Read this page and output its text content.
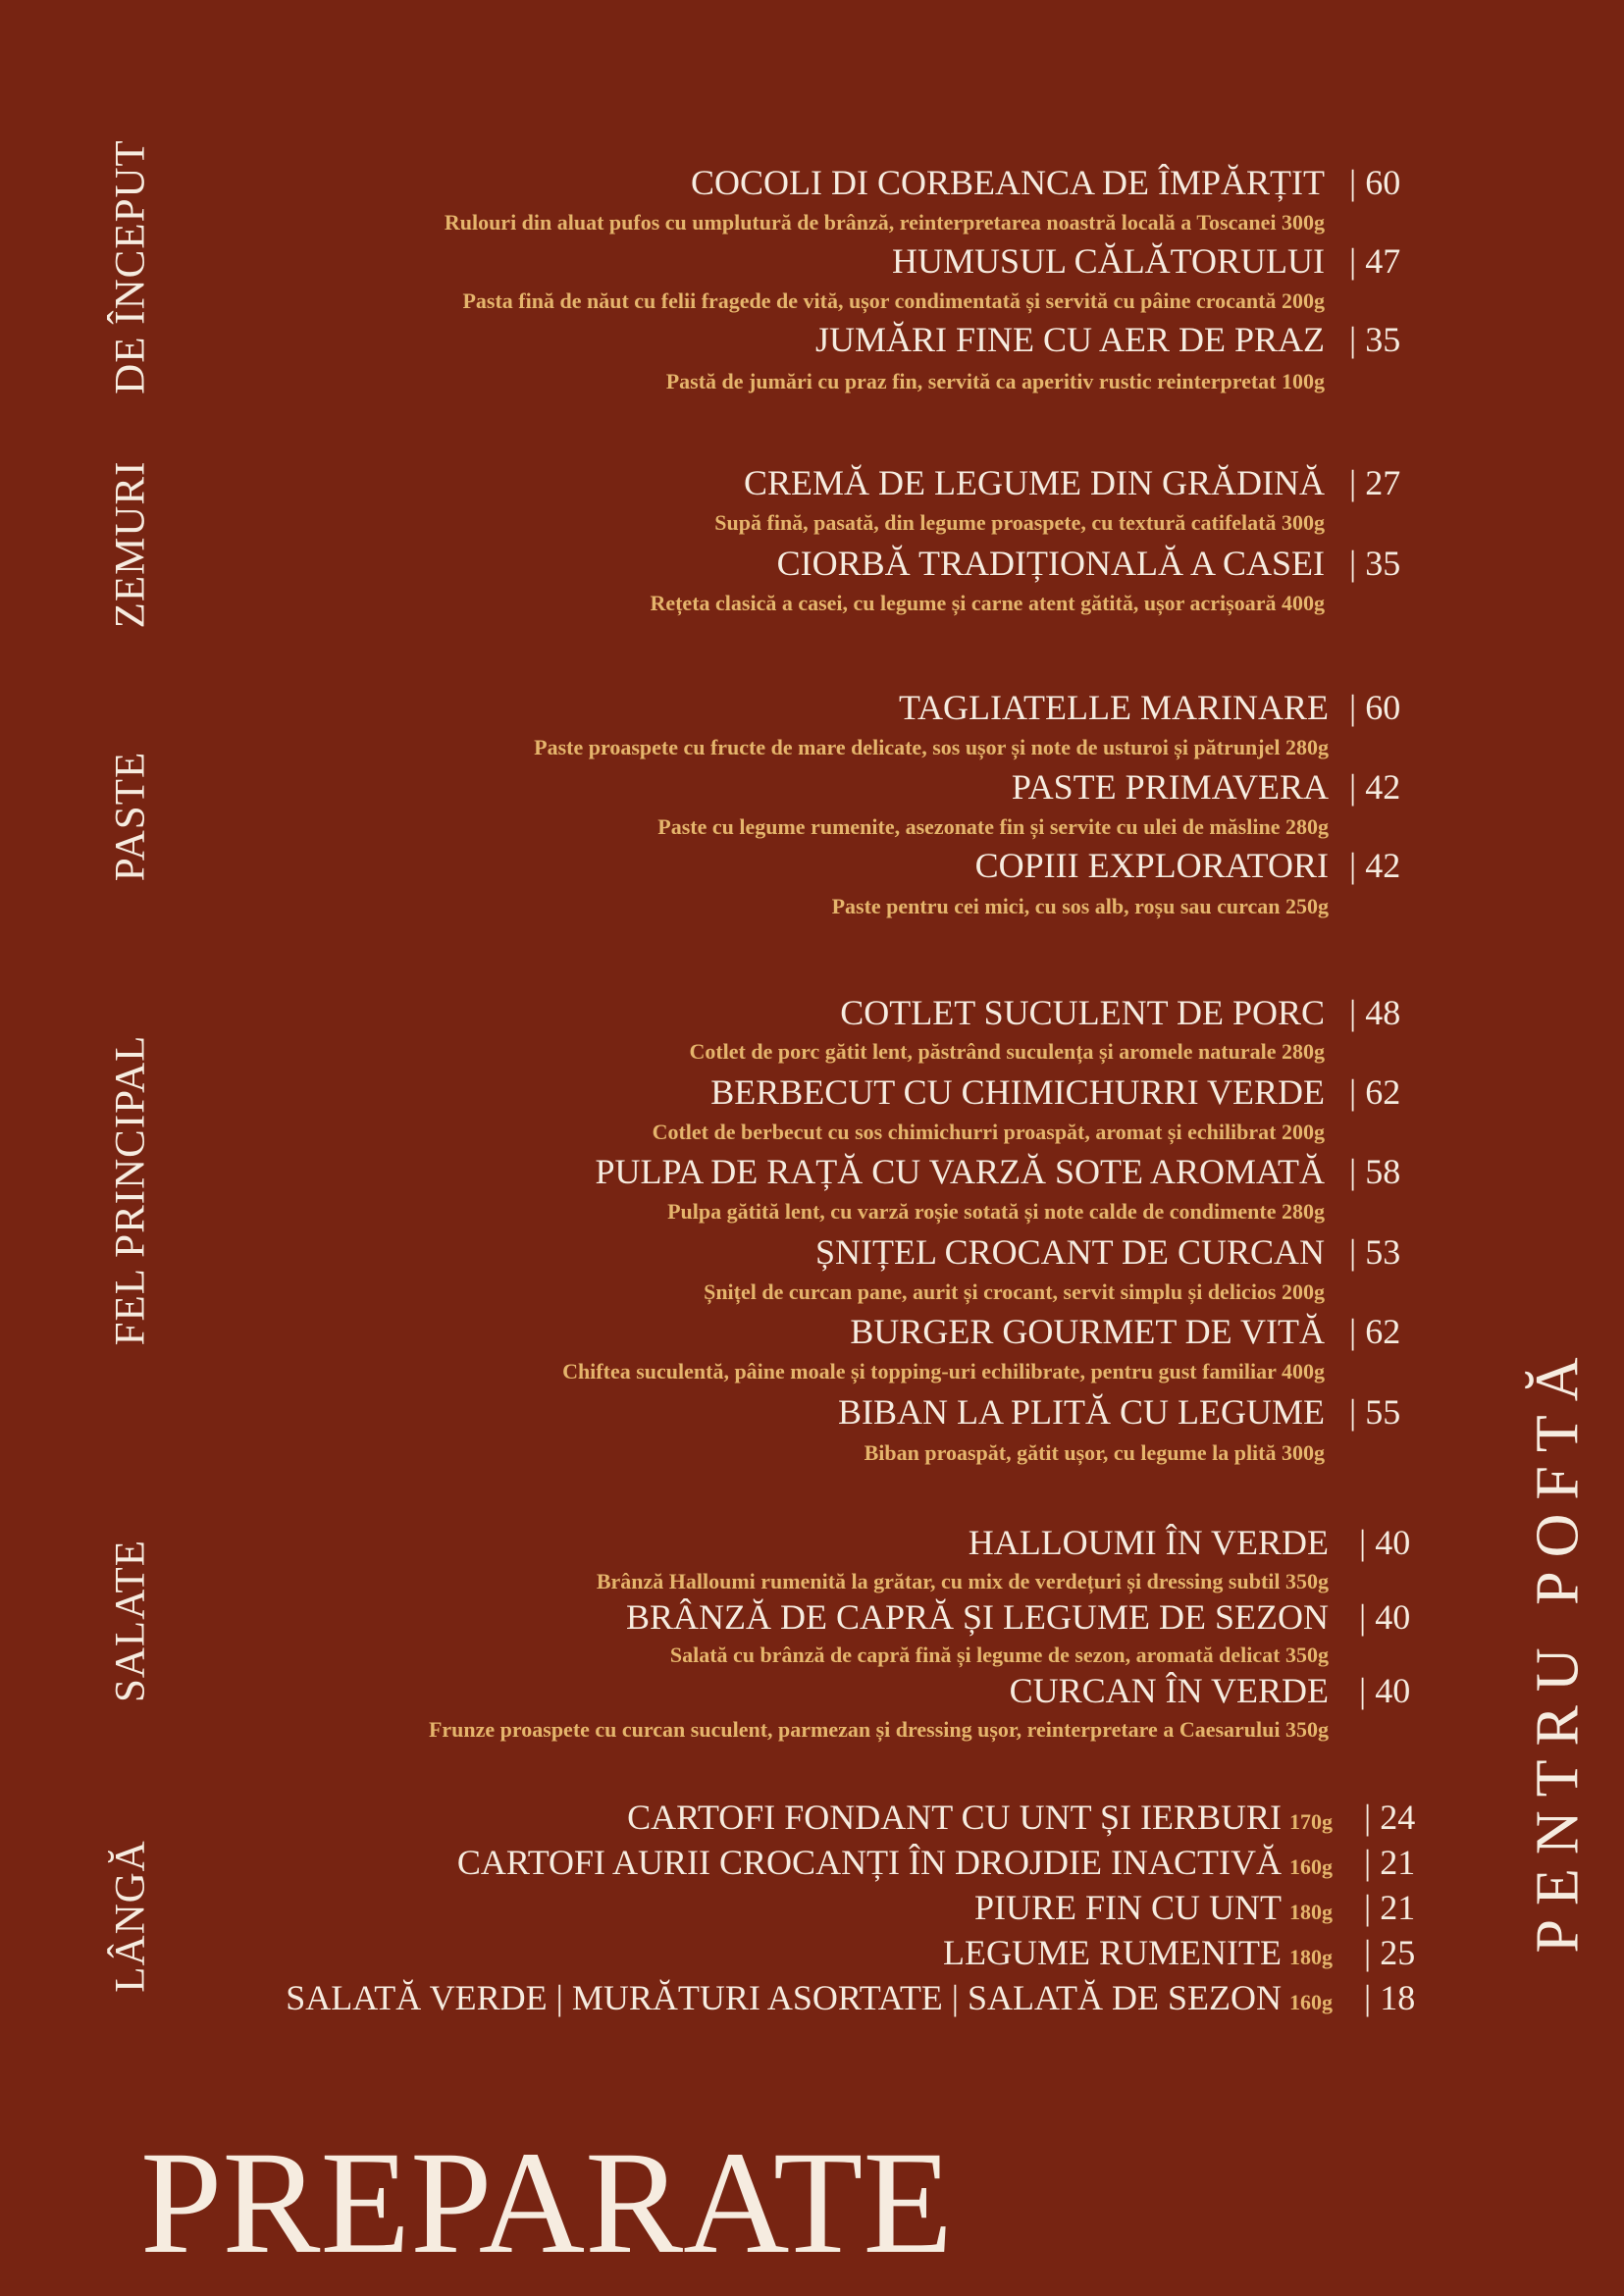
DE ÎNCEPUT
ZEMURI
PASTE
FEL PRINCIPAL
SALATE
LÂNGĂ
COCOLI DI CORBEANCA DE ÎMPĂRȚIT	| 60
Rulouri din aluat pufos cu umplutură de brânză, reinterpretarea noastră locală a Toscanei 300g
HUMUSUL CĂLĂTORULUI	| 47
Pasta fină de năut cu felii fragede de vită, ușor condimentată și servită cu pâine crocantă 200g
JUMĂRI FINE CU AER DE PRAZ	| 35
Pastă de jumări cu praz fin, servită ca aperitiv rustic reinterpretat 100g
CREMĂ DE LEGUME DIN GRĂDINĂ	| 27
Supă fină, pasată, din legume proaspete, cu textură catifelată 300g
CIORBĂ TRADIȚIONALĂ A CASEI	| 35
Rețeta clasică a casei, cu legume și carne atent gătită, ușor acrișoară 400g
TAGLIATELLE MARINARE	| 60
Paste proaspete cu fructe de mare delicate, sos ușor și note de usturoi și pătrunjel 280g
PASTE PRIMAVERA	| 42
Paste cu legume rumenite, asezonate fin și servite cu ulei de măsline 280g
COPIII EXPLORATORI	| 42
Paste pentru cei mici, cu sos alb, roșu sau curcan 250g
COTLET SUCULENT DE PORC	| 48
Cotlet de porc gătit lent, păstrând suculența și aromele naturale 280g
BERBECUT CU CHIMICHURRI VERDE	| 62
Cotlet de berbecut cu sos chimichurri proaspăt, aromat și echilibrat 200g
PULPA DE RAȚĂ CU VARZĂ SOTE AROMATĂ	| 58
Pulpa gătită lent, cu varză roșie sotată și note calde de condimente 280g
ȘNIȚEL CROCANT DE CURCAN	| 53
Șnițel de curcan pane, aurit și crocant, servit simplu și delicios 200g
BURGER GOURMET DE VITĂ	| 62
Chiftea suculentă, pâine moale și topping-uri echilibrate, pentru gust familiar 400g
BIBAN LA PLITĂ CU LEGUME	| 55
Biban proaspăt, gătit ușor, cu legume la plită 300g
HALLOUMI ÎN VERDE	| 40
Brânză Halloumi rumenită la grătar, cu mix de verdețuri și dressing subtil 350g
BRÂNZĂ DE CAPRĂ ȘI LEGUME DE SEZON	| 40
Salată cu brânză de capră fină și legume de sezon, aromată delicat 350g
CURCAN ÎN VERDE	| 40
Frunze proaspete cu curcan suculent, parmezan și dressing ușor, reinterpretare a Caesarului 350g
CARTOFI FONDANT CU UNT ȘI IERBURI 170g	| 24
CARTOFI AURII CROCANȚI ÎN DROJDIE INACTIVĂ 160g	| 21
PIURE FIN CU UNT 180g	| 21
LEGUME RUMENITE 180g	| 25
SALATĂ VERDE | MURĂTURI ASORTATE | SALATĂ DE SEZON 160g	| 18
PENTRU POFTĂ
PREPARATE
